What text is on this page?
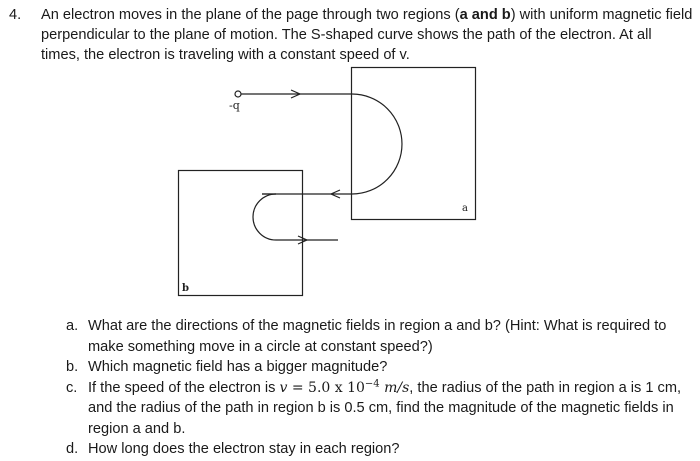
4. An electron moves in the plane of the page through two regions (a and b) with uniform magnetic field perpendicular to the plane of motion. The S-shaped curve shows the path of the electron. At all times, the electron is traveling with a constant speed of v.
-q
a
b
a. What are the directions of the magnetic fields in region a and b? (Hint: What is required to make something move in a circle at constant speed?)
b. Which magnetic field has a bigger magnitude?
c. If the speed of the electron is v = 5.0 x $10^{-4}$ m/s, the radius of the path in region a is 1 cm, and the radius of the path in region b is 0.5 cm, find the magnitude of the magnetic fields in region a and b.
d. How long does the electron stay in each region?
